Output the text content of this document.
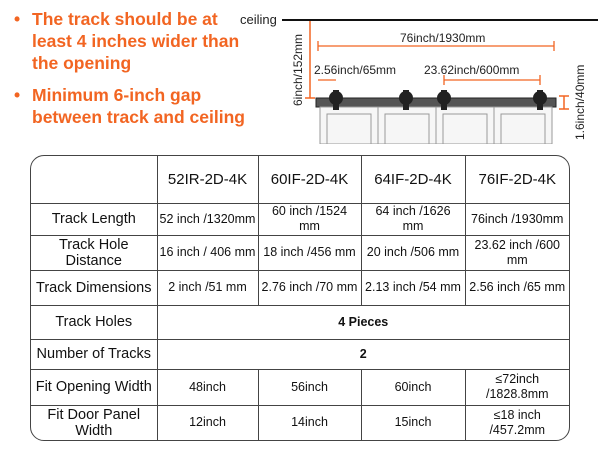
• The track should be at least 4 inches wider than the opening
• Minimum 6-inch gap between track and ceiling
ceiling
6inch/152mm	76inch/1930mm
2.56inch/65mm 23.62inch/600mm	1.6inch/40mm
	52IR-2D-4K	60IF-2D-4K	64IF-2D-4K	76IF-2D-4K
Track Length	52 inch /1320mm	60 inch /1524 mm	64 inch /1626 mm	76inch /1930mm
Track Hole Distance	16 inch / 406 mm	18 inch /456 mm	20 inch /506 mm	23.62 inch /600 mm
Track Dimensions	2 inch /51 mm	2.76 inch /70 mm	2.13 inch /54 mm	2.56 inch /65 mm
Track Holes	4 Pieces			
Number of Tracks	2			
Fit Opening Width	48inch	56inch	60inch	≤72inch /1828.8mm
Fit Door Panel Width	12inch	14inch	15inch	≤18 inch /457.2mm
